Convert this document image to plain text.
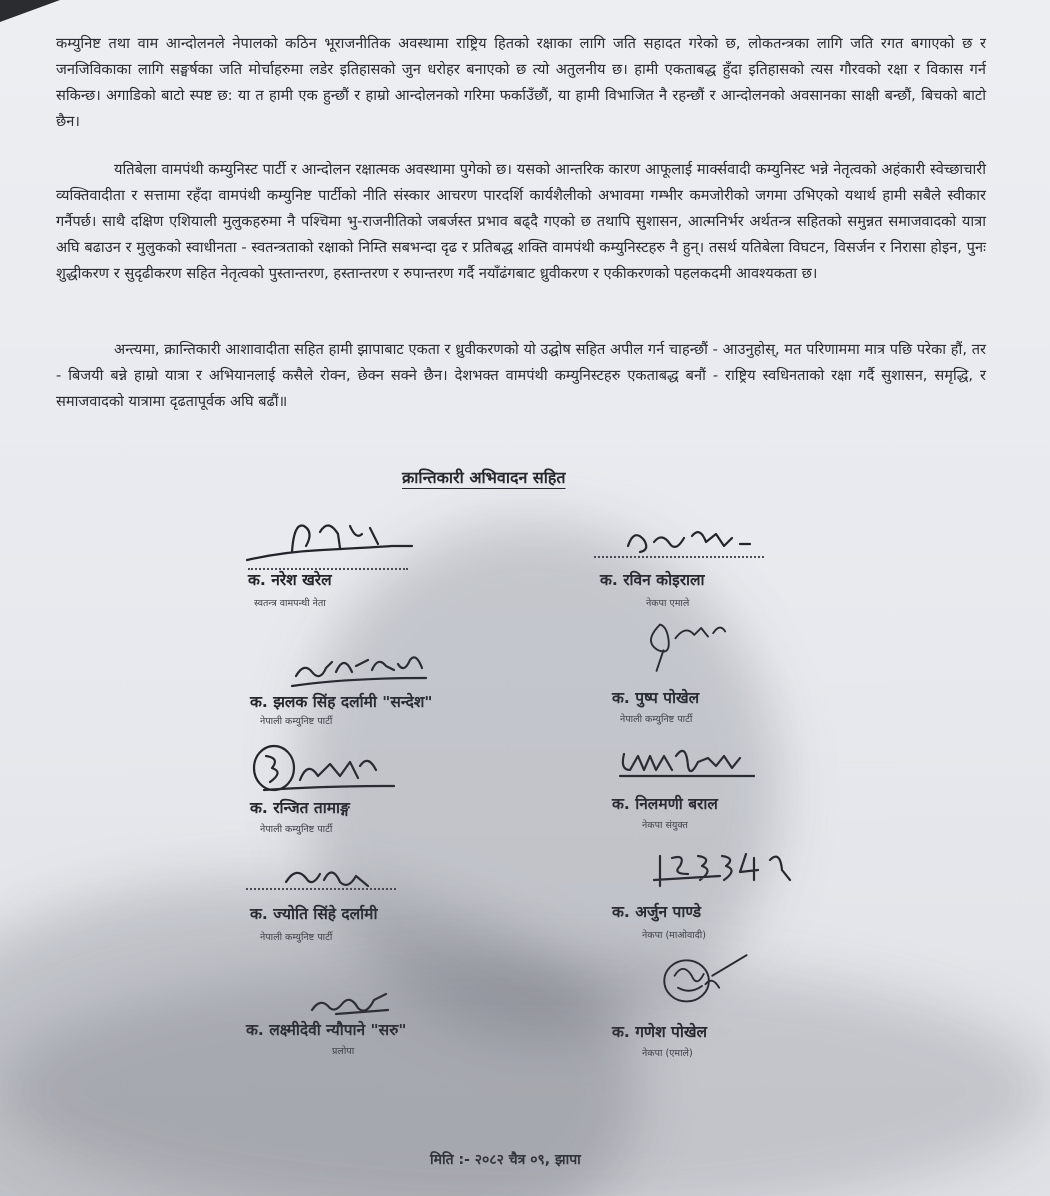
कम्युनिष्ट तथा वाम आन्दोलनले नेपालको कठिन भूराजनीतिक अवस्थामा राष्ट्रिय हितको रक्षाका लागि जति सहादत गरेको छ, लोकतन्त्रका लागि जति रगत बगाएको छ र जनजिविकाका लागि सङ्घर्षका जति मोर्चाहरुमा लडेर इतिहासको जुन धरोहर बनाएको छ त्यो अतुलनीय छ। हामी एकताबद्ध हुँदा इतिहासको त्यस गौरवको रक्षा र विकास गर्न सकिन्छ। अगाडिको बाटो स्पष्ट छ: या त हामी एक हुन्छौं र हाम्रो आन्दोलनको गरिमा फर्काउँछौं, या हामी विभाजित नै रहन्छौं र आन्दोलनको अवसानका साक्षी बन्छौं, बिचको बाटो छैन।

यतिबेला वामपंथी कम्युनिस्ट पार्टी र आन्दोलन रक्षात्मक अवस्थामा पुगेको छ। यसको आन्तरिक कारण आफूलाई मार्क्सवादी कम्युनिस्ट भन्ने नेतृत्वको अहंकारी स्वेच्छाचारी व्यक्तिवादीता र सत्तामा रहँदा वामपंथी कम्युनिष्ट पार्टीको नीति संस्कार आचरण पारदर्शि कार्यशैलीको अभावमा गम्भीर कमजोरीको जगमा उभिएको यथार्थ हामी सबैले स्वीकार गर्नैपर्छ। साथै दक्षिण एशियाली मुलुकहरुमा नै पश्चिमा भु-राजनीतिको जबर्जस्त प्रभाव बढ्दै गएको छ तथापि सुशासन, आत्मनिर्भर अर्थतन्त्र सहितको समुन्नत समाजवादको यात्रा अघि बढाउन र मुलुकको स्वाधीनता - स्वतन्त्रताको रक्षाको निम्ति सबभन्दा दृढ र प्रतिबद्ध शक्ति वामपंथी कम्युनिस्टहरु नै हुन्। तसर्थ यतिबेला विघटन, विसर्जन र निरासा होइन, पुनः शुद्धीकरण र सुदृढीकरण सहित नेतृत्वको पुस्तान्तरण, हस्तान्तरण र रुपान्तरण गर्दै नयाँढंगबाट ध्रुवीकरण र एकीकरणको पहलकदमी आवश्यकता छ।

अन्त्यमा, क्रान्तिकारी आशावादीता सहित हामी झापाबाट एकता र ध्रुवीकरणको यो उद्घोष सहित अपील गर्न चाहन्छौं - आउनुहोस्, मत परिणाममा मात्र पछि परेका हौं, तर - बिजयी बन्ने हाम्रो यात्रा र अभियानलाई कसैले रोक्न, छेक्न सक्ने छैन। देशभक्त वामपंथी कम्युनिस्टहरु एकताबद्ध बनौं - राष्ट्रिय स्वधिनताको रक्षा गर्दै सुशासन, समृद्धि, र समाजवादको यात्रामा दृढतापूर्वक अघि बढौं॥

क्रान्तिकारी अभिवादन सहित
क. नरेश खरेल
स्वतन्त्र वामपन्थी नेता
क. झलक सिंह दर्लामी "सन्देश"
नेपाली कम्युनिष्ट पार्टी
क. रन्जित तामाङ्ग
नेपाली कम्युनिष्ट पार्टी
क. ज्योति सिंहे दर्लामी
नेपाली कम्युनिष्ट पार्टी
क. लक्ष्मीदेवी न्यौपाने "सरु"
प्रलोपा
क. रविन कोइराला
नेकपा एमाले
क. पुष्प पोखेल
नेपाली कम्युनिष्ट पार्टी
क. निलमणी बराल
नेकपा संयुक्त
क. अर्जुन पाण्डे
नेकपा (माओवादी)
क. गणेश पोखेल
नेकपा (एमाले)
मिति :- २०८२ चैत्र ०९, झापा
